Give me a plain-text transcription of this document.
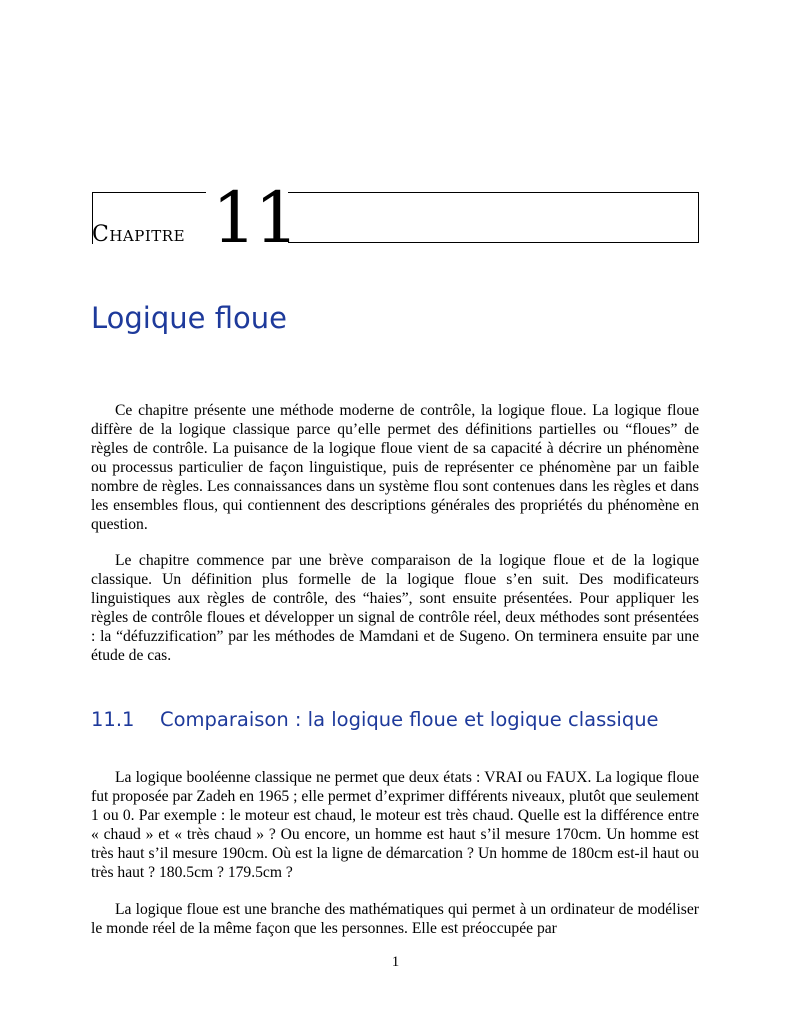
Chapitre 11
Logique floue

Ce chapitre présente une méthode moderne de contrôle, la logique floue. La logique floue diffère de la logique classique parce qu’elle permet des définitions partielles ou “floues” de règles de contrôle. La puisance de la logique floue vient de sa capacité à décrire un phénomène ou processus particulier de façon linguistique, puis de représenter ce phénomène par un faible nombre de règles. Les connaissances dans un système flou sont contenues dans les règles et dans les ensembles flous, qui contiennent des descriptions générales des propriétés du phénomène en question.

Le chapitre commence par une brève comparaison de la logique floue et de la logique classique. Un définition plus formelle de la logique floue s’en suit. Des modificateurs linguistiques aux règles de contrôle, des “haies”, sont ensuite présentées. Pour appliquer les règles de contrôle floues et développer un signal de contrôle réel, deux méthodes sont présentées : la “défuzzification” par les méthodes de Mamdani et de Sugeno. On terminera ensuite par une étude de cas.

11.1 Comparaison : la logique floue et logique classique

La logique booléenne classique ne permet que deux états : VRAI ou FAUX. La logique floue fut proposée par Zadeh en 1965 ; elle permet d’exprimer différents niveaux, plutôt que seulement 1 ou 0. Par exemple : le moteur est chaud, le moteur est très chaud. Quelle est la différence entre « chaud » et « très chaud » ? Ou encore, un homme est haut s’il mesure 170cm. Un homme est très haut s’il mesure 190cm. Où est la ligne de démarcation ? Un homme de 180cm est-il haut ou très haut ? 180.5cm ? 179.5cm ?

La logique floue est une branche des mathématiques qui permet à un ordinateur de modéliser le monde réel de la même façon que les personnes. Elle est préoccupée par

1
